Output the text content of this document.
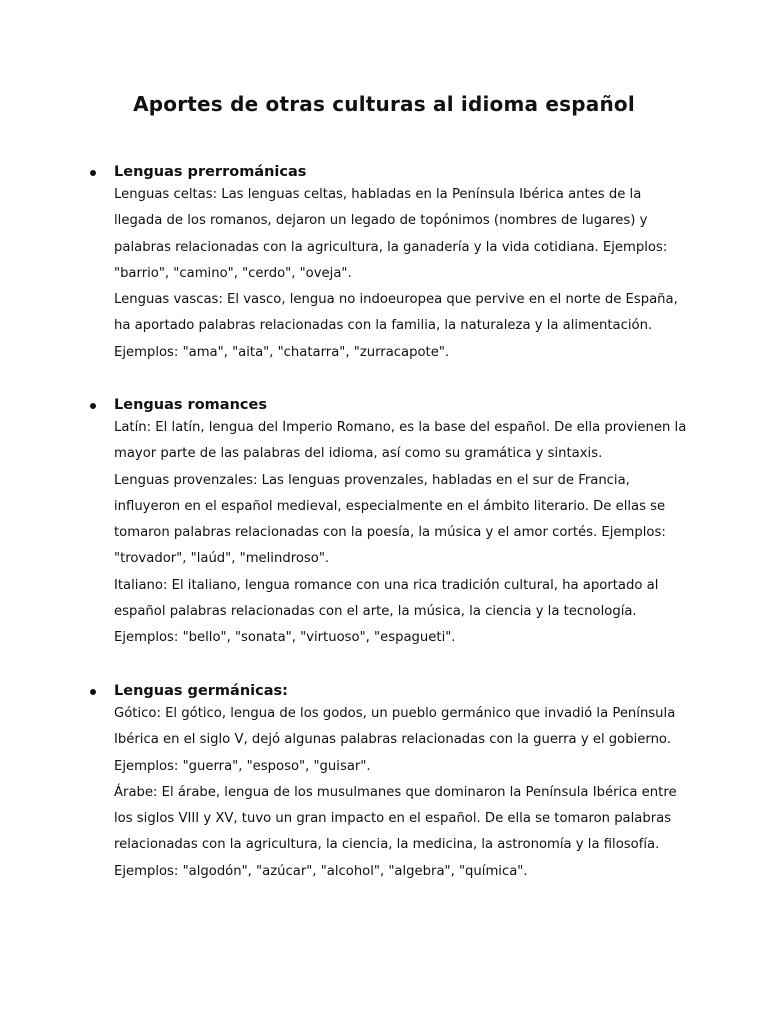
Aportes de otras culturas al idioma español
Lenguas prerrománicas

Lenguas celtas: Las lenguas celtas, habladas en la Península Ibérica antes de la llegada de los romanos, dejaron un legado de topónimos (nombres de lugares) y palabras relacionadas con la agricultura, la ganadería y la vida cotidiana. Ejemplos: "barrio", "camino", "cerdo", "oveja".

Lenguas vascas: El vasco, lengua no indoeuropea que pervive en el norte de España, ha aportado palabras relacionadas con la familia, la naturaleza y la alimentación. Ejemplos: "ama", "aita", "chatarra", "zurracapote".

Lenguas romances

Latín: El latín, lengua del Imperio Romano, es la base del español. De ella provienen la mayor parte de las palabras del idioma, así como su gramática y sintaxis.

Lenguas provenzales: Las lenguas provenzales, habladas en el sur de Francia, influyeron en el español medieval, especialmente en el ámbito literario. De ellas se tomaron palabras relacionadas con la poesía, la música y el amor cortés. Ejemplos: "trovador", "laúd", "melindroso".

Italiano: El italiano, lengua romance con una rica tradición cultural, ha aportado al español palabras relacionadas con el arte, la música, la ciencia y la tecnología. Ejemplos: "bello", "sonata", "virtuoso", "espagueti".

Lenguas germánicas:

Gótico: El gótico, lengua de los godos, un pueblo germánico que invadió la Península Ibérica en el siglo V, dejó algunas palabras relacionadas con la guerra y el gobierno. Ejemplos: "guerra", "esposo", "guisar".

Árabe: El árabe, lengua de los musulmanes que dominaron la Península Ibérica entre los siglos VIII y XV, tuvo un gran impacto en el español. De ella se tomaron palabras relacionadas con la agricultura, la ciencia, la medicina, la astronomía y la filosofía. Ejemplos: "algodón", "azúcar", "alcohol", "algebra", "química".
